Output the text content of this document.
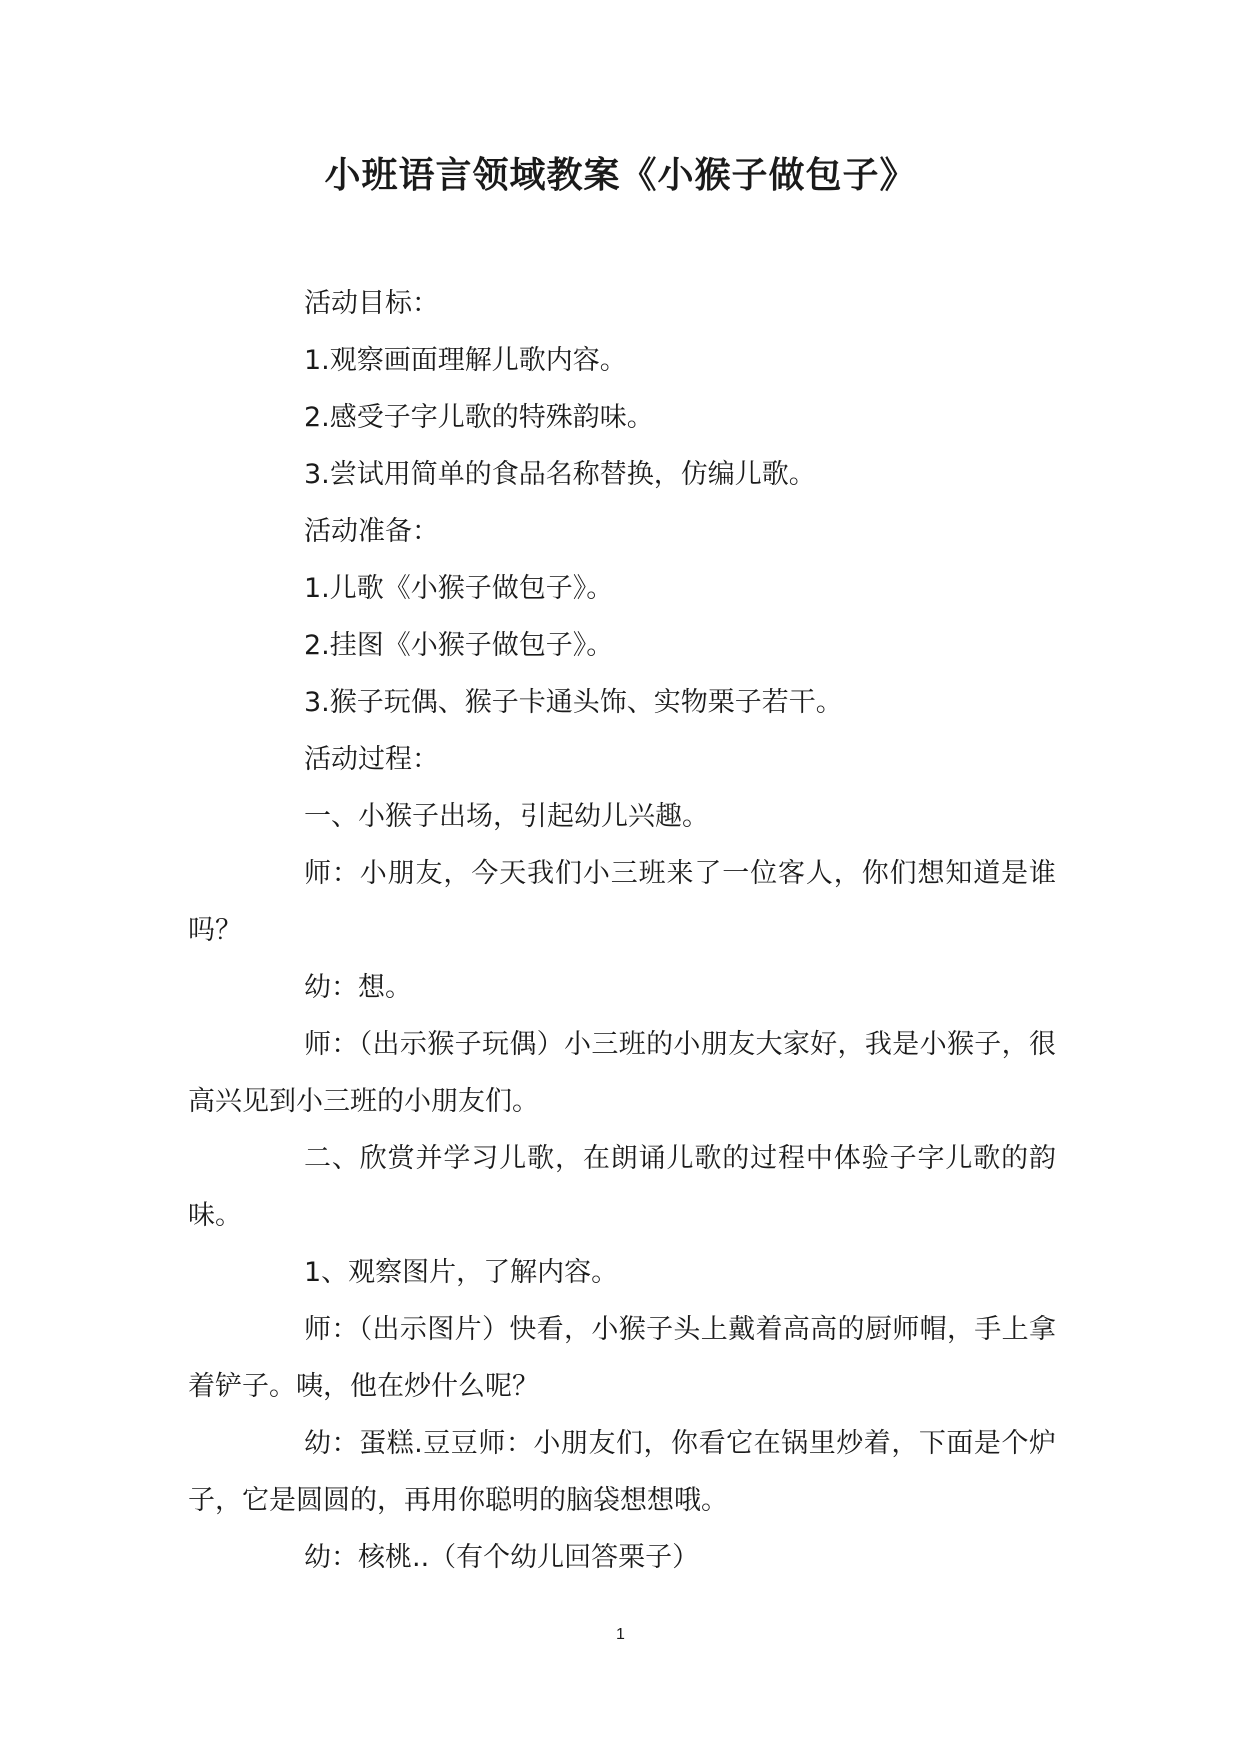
小班语言领域教案《小猴子做包子》

活动目标：

1.观察画面理解儿歌内容。

2.感受子字儿歌的特殊韵味。

3.尝试用简单的食品名称替换，仿编儿歌。

活动准备：

1.儿歌《小猴子做包子》。

2.挂图《小猴子做包子》。

3.猴子玩偶、猴子卡通头饰、实物栗子若干。

活动过程：

一、小猴子出场，引起幼儿兴趣。

师：小朋友，今天我们小三班来了一位客人，你们想知道是谁吗？

幼：想。

师：（出示猴子玩偶）小三班的小朋友大家好，我是小猴子，很高兴见到小三班的小朋友们。

二、欣赏并学习儿歌，在朗诵儿歌的过程中体验子字儿歌的韵味。

1、观察图片，了解内容。

师：（出示图片）快看，小猴子头上戴着高高的厨师帽，手上拿着铲子。咦，他在炒什么呢？

幼：蛋糕.豆豆师：小朋友们，你看它在锅里炒着，下面是个炉子，它是圆圆的，再用你聪明的脑袋想想哦。

幼：核桃..（有个幼儿回答栗子）

1
